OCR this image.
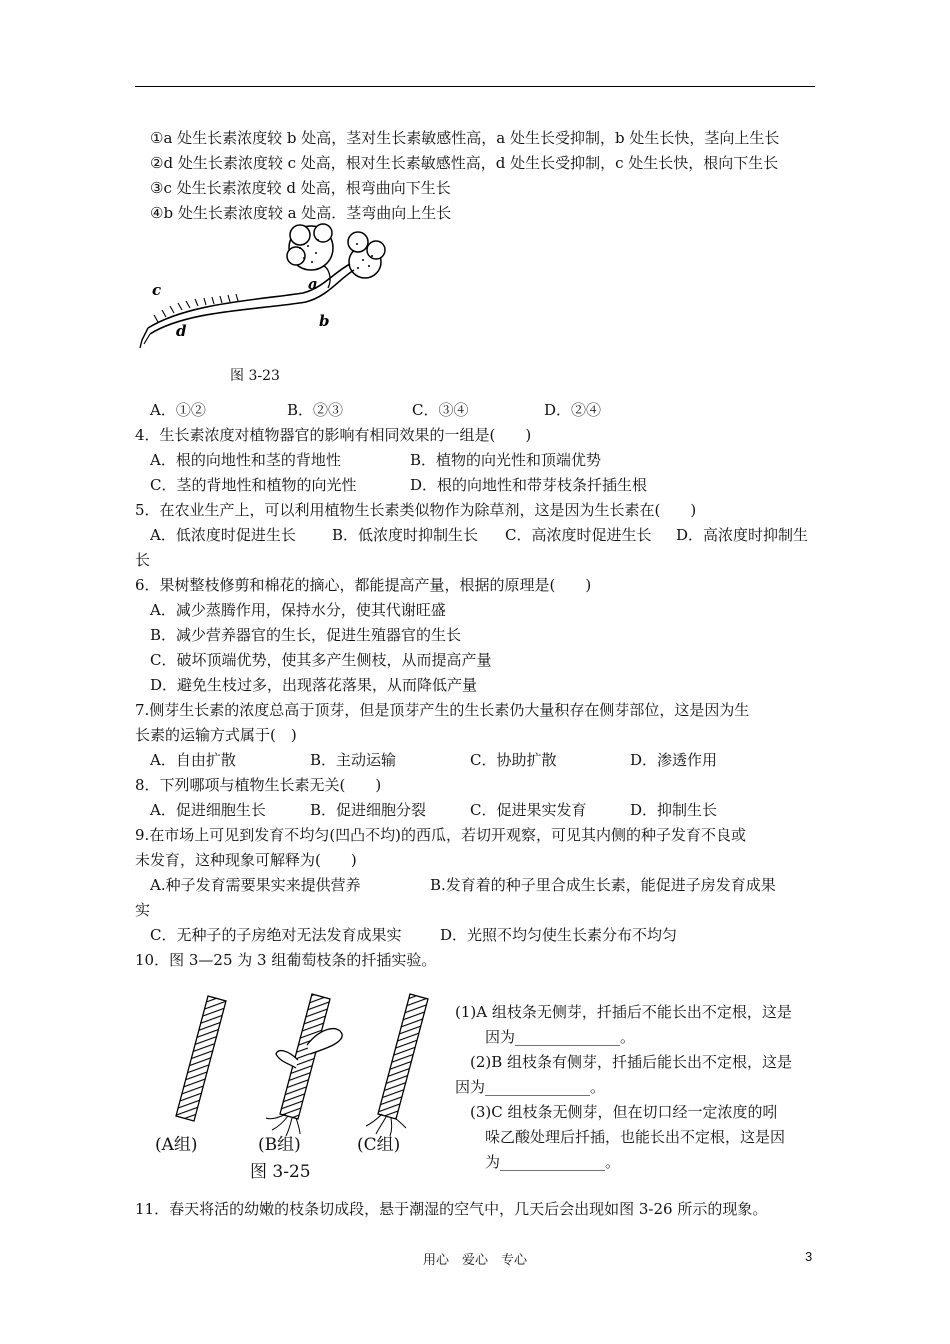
①a 处生长素浓度较 b 处高，茎对生长素敏感性高，a 处生长受抑制，b 处生长快，茎向上生长
②d 处生长素浓度较 c 处高，根对生长素敏感性高，d 处生长受抑制，c 处生长快，根向下生长
③c 处生长素浓度较 d 处高，根弯曲向下生长
④b 处生长素浓度较 a 处高．茎弯曲向上生长
c
d
a
b
图 3-23
A．①②	B．②③	C．③④	D．②④
4．生长素浓度对植物器官的影响有相同效果的一组是(　　)
A．根的向地性和茎的背地性	B．植物的向光性和顶端优势
C．茎的背地性和植物的向光性	D．根的向地性和带芽枝条扦插生根
5．在农业生产上，可以利用植物生长素类似物作为除草剂，这是因为生长素在(　　)
A．低浓度时促进生长 B．低浓度时抑制生长 C．高浓度时促进生长 D．高浓度时抑制生
长
6．果树整枝修剪和棉花的摘心，都能提高产量，根据的原理是(　　)
A．减少蒸腾作用，保持水分，使其代谢旺盛
B．减少营养器官的生长，促进生殖器官的生长
C．破坏顶端优势，使其多产生侧枝，从而提高产量
D．避免生枝过多，出现落花落果，从而降低产量
7.侧芽生长素的浓度总高于顶芽，但是顶芽产生的生长素仍大量积存在侧芽部位，这是因为生
长素的运输方式属于(　)
A．自由扩散	B．主动运输	C．协助扩散	D．渗透作用
8．下列哪项与植物生长素无关(　　)
A．促进细胞生长	B．促进细胞分裂	C．促进果实发育	D．抑制生长
9.在市场上可见到发育不均匀(凹凸不均)的西瓜，若切开观察，可见其内侧的种子发育不良或
未发育，这种现象可解释为(　　)
A.种子发育需要果实来提供营养	B.发育着的种子里合成生长素，能促进子房发育成果
实
C．无种子的子房绝对无法发育成果实	D．光照不均匀使生长素分布不均匀
10．图 3—25 为 3 组葡萄枝条的扦插实验。
(A组)	(B组)	(C组)
图 3-25
(1)A 组枝条无侧芽，扦插后不能长出不定根，这是
因为______________。
(2)B 组枝条有侧芽，扦插后能长出不定根，这是
因为______________。
(3)C 组枝条无侧芽，但在切口经一定浓度的吲
哚乙酸处理后扦插，也能长出不定根，这是因
为______________。
11．春天将活的幼嫩的枝条切成段，悬于潮湿的空气中，几天后会出现如图 3-26 所示的现象。
用心　爱心　专心	3
